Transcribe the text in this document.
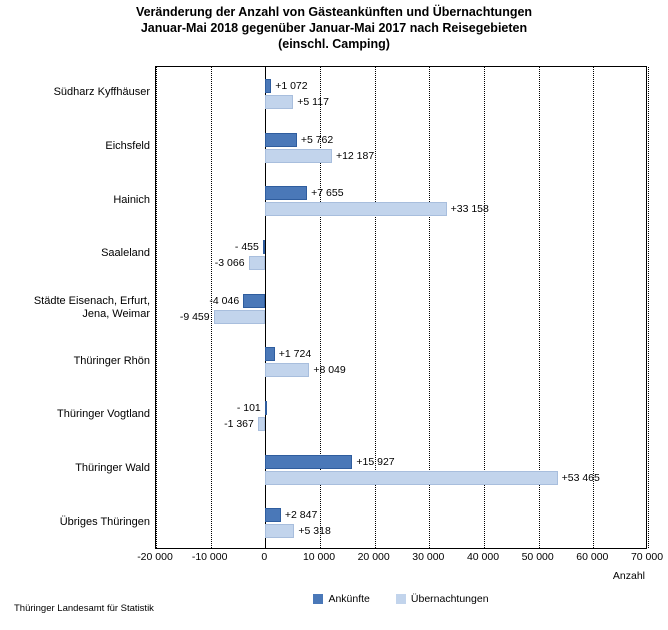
Veränderung der Anzahl von Gästeankünften und Übernachtungen
Januar-Mai 2018 gegenüber Januar-Mai 2017 nach Reisegebieten
(einschl. Camping)
Südharz Kyffhäuser
Eichsfeld
Hainich
Saaleland
Städte Eisenach, Erfurt,
Jena, Weimar
Thüringer Rhön
Thüringer Vogtland
Thüringer Wald
Übriges Thüringen
+1 072
+5 117
+5 762
+12 187
+7 655
+33 158
- 455
-3 066
-4 046
-9 459
+1 724
+8 049
- 101
-1 367
+15 927
+53 465
+2 847
+5 318
-20 000 -10 000	0	10 000 20 000 30 000 40 000 50 000 60 000 70 000
Anzahl
Ankünfte	Übernachtungen
Thüringer Landesamt für Statistik
